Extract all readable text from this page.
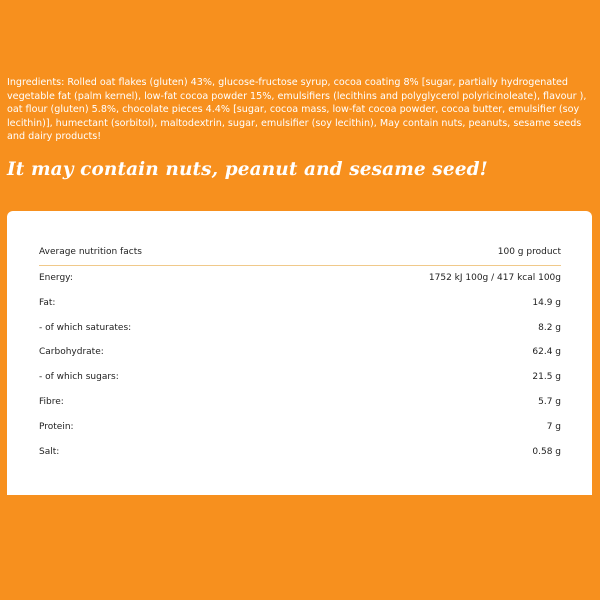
Ingredients: Rolled oat flakes (gluten) 43%, glucose-fructose syrup, cocoa coating 8% [sugar, partially hydrogenated vegetable fat (palm kernel), low-fat cocoa powder 15%, emulsifiers (lecithins and polyglycerol polyricinoleate), flavour ), oat flour (gluten) 5.8%, chocolate pieces 4.4% [sugar, cocoa mass, low-fat cocoa powder, cocoa butter, emulsifier (soy lecithin)], humectant (sorbitol), maltodextrin, sugar, emulsifier (soy lecithin), May contain nuts, peanuts, sesame seeds and dairy products!

It may contain nuts, peanut and sesame seed!

Average nutrition facts	100 g product
Energy:	1752 kJ 100g / 417 kcal 100g
Fat:	14.9 g
- of which saturates:	8.2 g
Carbohydrate:	62.4 g
- of which sugars:	21.5 g
Fibre:	5.7 g
Protein:	7 g
Salt:	0.58 g
